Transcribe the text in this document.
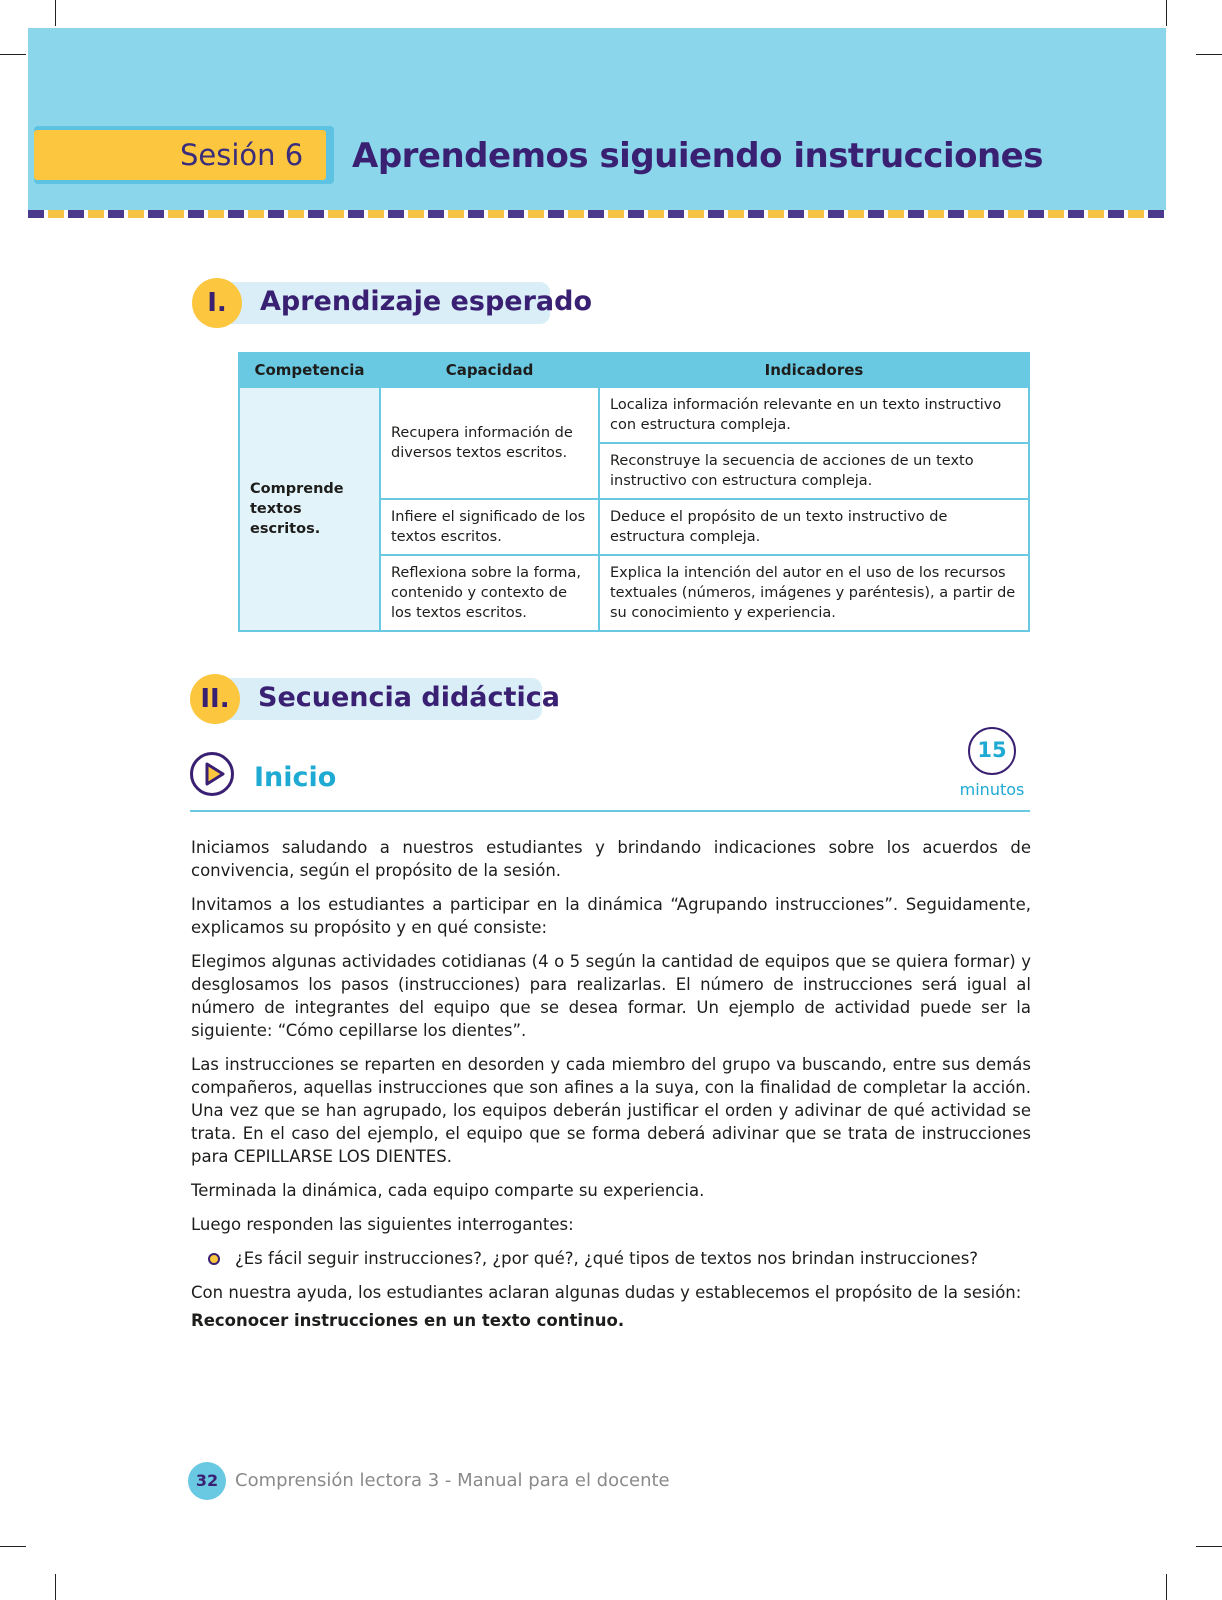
Sesión 6 Aprendemos siguiendo instrucciones
I.	Aprendizaje esperado
Competencia	Capacidad	Indicadores
Comprende textos escritos.	Recupera información de diversos textos escritos.	Localiza información relevante en un texto instructivo con estructura compleja.
		Reconstruye la secuencia de acciones de un texto instructivo con estructura compleja.
	Infiere el significado de los textos escritos.	Deduce el propósito de un texto instructivo de estructura compleja.
	Reflexiona sobre la forma, contenido y contexto de los textos escritos.	Explica la intención del autor en el uso de los recursos textuales (números, imágenes y paréntesis), a partir de su conocimiento y experiencia.
II.	Secuencia didáctica
Inicio
15
minutos

Iniciamos saludando a nuestros estudiantes y brindando indicaciones sobre los acuerdos de convivencia, según el propósito de la sesión.

Invitamos a los estudiantes a participar en la dinámica “Agrupando instrucciones”. Seguidamente, explicamos su propósito y en qué consiste:

Elegimos algunas actividades cotidianas (4 o 5 según la cantidad de equipos que se quiera formar) y desglosamos los pasos (instrucciones) para realizarlas. El número de instrucciones será igual al número de integrantes del equipo que se desea formar. Un ejemplo de actividad puede ser la siguiente: “Cómo cepillarse los dientes”.

Las instrucciones se reparten en desorden y cada miembro del grupo va buscando, entre sus demás compañeros, aquellas instrucciones que son afines a la suya, con la finalidad de completar la acción. Una vez que se han agrupado, los equipos deberán justificar el orden y adivinar de qué actividad se trata. En el caso del ejemplo, el equipo que se forma deberá adivinar que se trata de instrucciones para CEPILLARSE LOS DIENTES.

Terminada la dinámica, cada equipo comparte su experiencia.

Luego responden las siguientes interrogantes:

¿Es fácil seguir instrucciones?, ¿por qué?, ¿qué tipos de textos nos brindan instrucciones?

Con nuestra ayuda, los estudiantes aclaran algunas dudas y establecemos el propósito de la sesión:

Reconocer instrucciones en un texto continuo.

32 Comprensión lectora 3 - Manual para el docente
